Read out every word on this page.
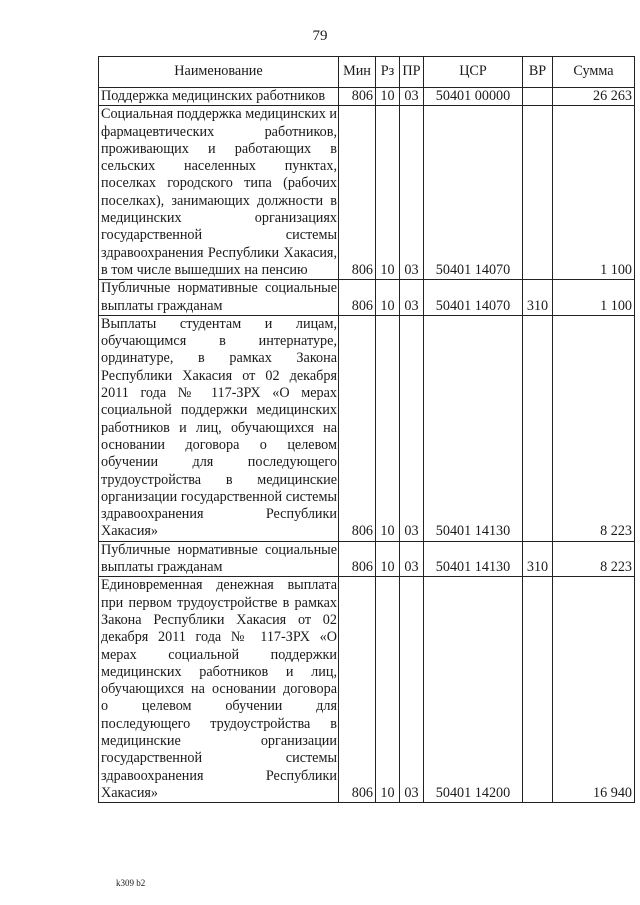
79
Наименование	Мин	Рз	ПР	ЦСР	ВР	Сумма
Поддержка медицинских работников	806	10	03	50401 00000		26 263
Социальная поддержка медицинских и фармацевтических работников, проживающих и работающих в сельских населенных пунктах, поселках городского типа (рабочих поселках), занимающих должности в медицинских организациях государственной системы здравоохранения Республики Хакасия, в том числе вышедших на пенсию	806	10	03	50401 14070		1 100
Публичные нормативные социальные выплаты гражданам	806	10	03	50401 14070	310	1 100
Выплаты студентам и лицам, обучающимся в интернатуре, ординатуре, в рамках Закона Республики Хакасия от 02 декабря 2011 года № 117-ЗРХ «О мерах социальной поддержки медицинских работников и лиц, обучающихся на основании договора о целевом обучении для последующего трудоустройства в медицинские организации государственной системы здравоохранения Республики Хакасия»	806	10	03	50401 14130		8 223
Публичные нормативные социальные выплаты гражданам	806	10	03	50401 14130	310	8 223
Единовременная денежная выплата при первом трудоустройстве в рамках Закона Республики Хакасия от 02 декабря 2011 года № 117-ЗРХ «О мерах социальной поддержки медицинских работников и лиц, обучающихся на основании договора о целевом обучении для последующего трудоустройства в медицинские организации государственной системы здравоохранения Республики Хакасия»	806	10	03	50401 14200		16 940
k309 b2
